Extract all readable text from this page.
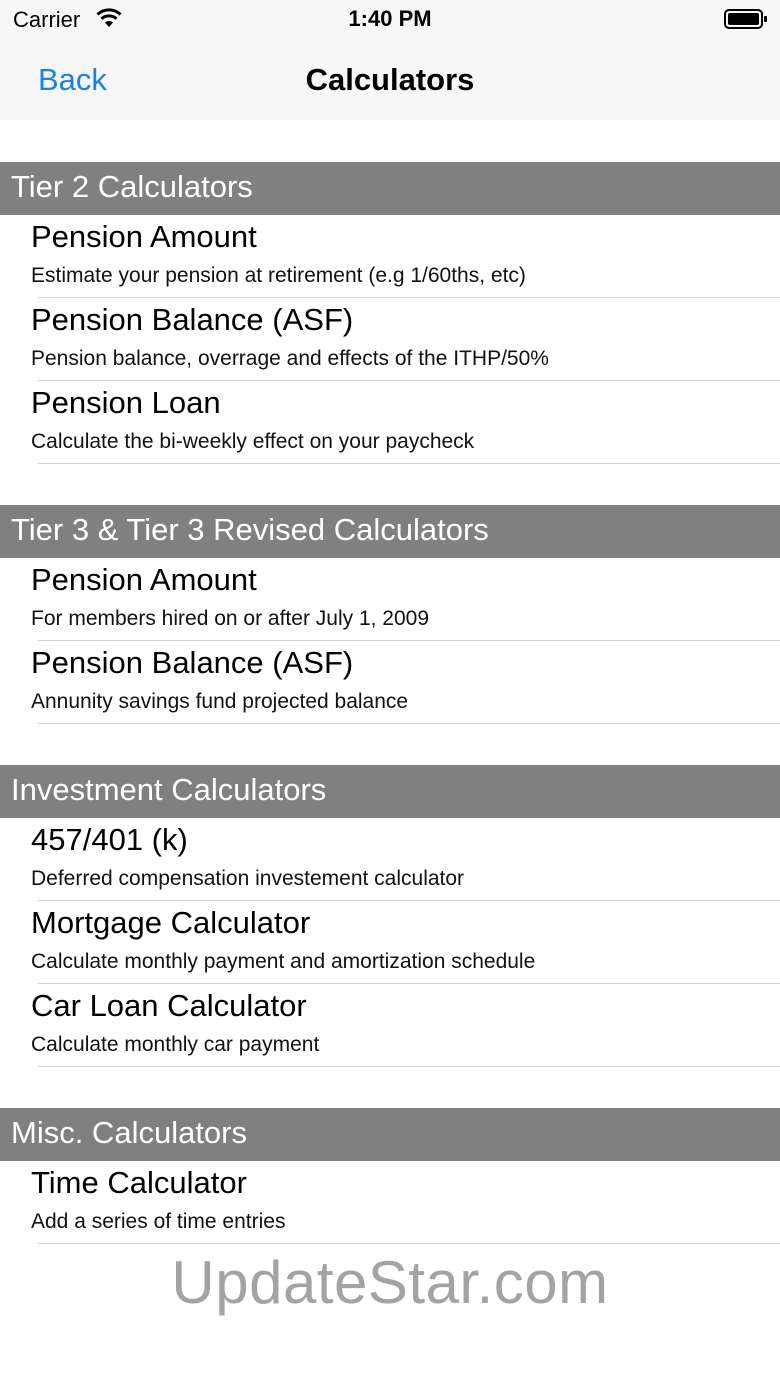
Carrier	1:40 PM
Back	Calculators
Tier 2 Calculators
Pension Amount
Estimate your pension at retirement (e.g 1/60ths, etc)
Pension Balance (ASF)
Pension balance, overrage and effects of the ITHP/50%
Pension Loan
Calculate the bi-weekly effect on your paycheck
Tier 3 & Tier 3 Revised Calculators
Pension Amount
For members hired on or after July 1, 2009
Pension Balance (ASF)
Annunity savings fund projected balance
Investment Calculators
457/401 (k)
Deferred compensation investement calculator
Mortgage Calculator
Calculate monthly payment and amortization schedule
Car Loan Calculator
Calculate monthly car payment
Misc. Calculators
Time Calculator
Add a series of time entries
UpdateStar.com
